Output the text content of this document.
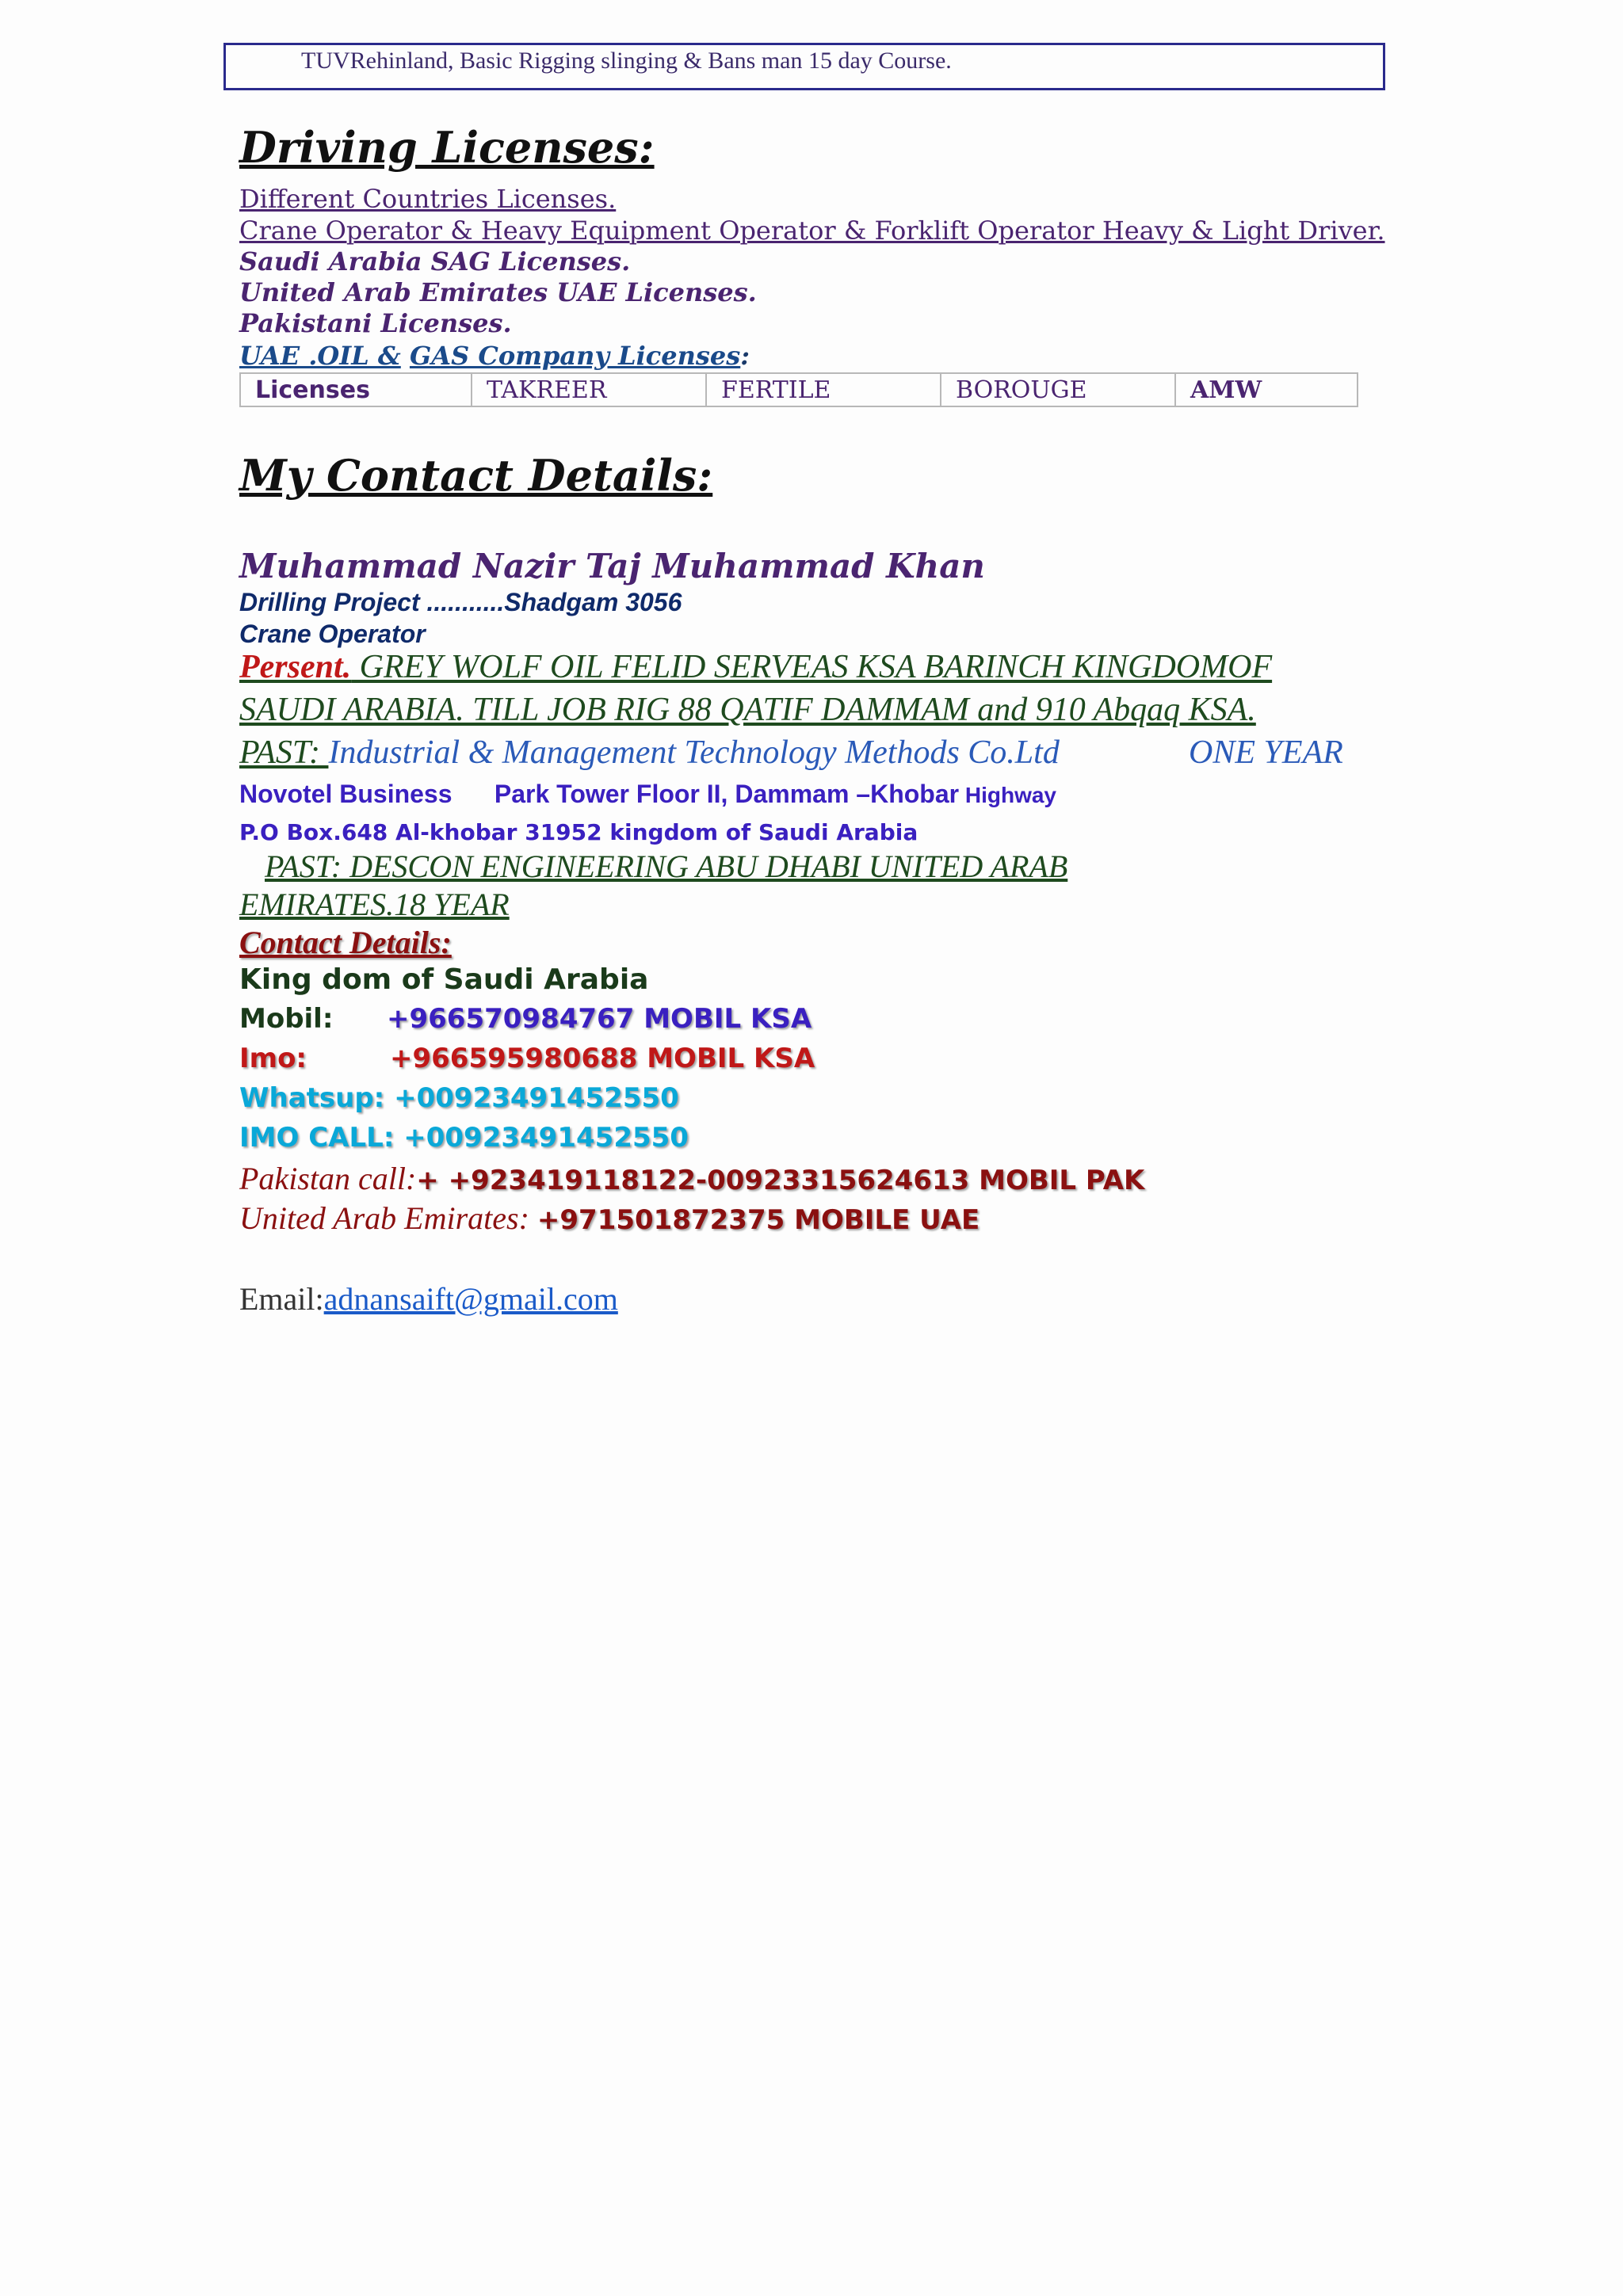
TUVRehinland, Basic Rigging slinging & Bans man 15 day Course.
Driving Licenses:
Different Countries Licenses.
Crane Operator & Heavy Equipment Operator & Forklift Operator Heavy & Light Driver.
Saudi Arabia SAG Licenses.
United Arab Emirates UAE Licenses.
Pakistani Licenses.
UAE .OIL & GAS Company Licenses:
Licenses	TAKREER	FERTILE	BOROUGE	AMW
My Contact Details:
Muhammad Nazir Taj Muhammad Khan
Drilling Project ...........Shadgam 3056
Crane Operator
Persent. GREY WOLF OIL FELID SERVEAS KSA BARINCH KINGDOMOF
SAUDI ARABIA. TILL JOB RIG 88 QATIF DAMMAM and 910 Abqaq KSA.
PAST: Industrial & Management Technology Methods Co.Ltd	ONE YEAR
Novotel Business      Park Tower Floor II, Dammam –Khobar Highway
P.O Box.648 Al-khobar 31952 kingdom of Saudi Arabia
PAST: DESCON ENGINEERING ABU DHABI UNITED ARAB
EMIRATES.18 YEAR
Contact Details:
King dom of Saudi Arabia
Mobil: +966570984767 MOBIL KSA
Imo:	+966595980688 MOBIL KSA
Whatsup: +00923491452550
IMO CALL: +00923491452550
Pakistan call:+ +923419118122-00923315624613 MOBIL PAK
United Arab Emirates: +971501872375 MOBILE UAE
Email:adnansaift@gmail.com
